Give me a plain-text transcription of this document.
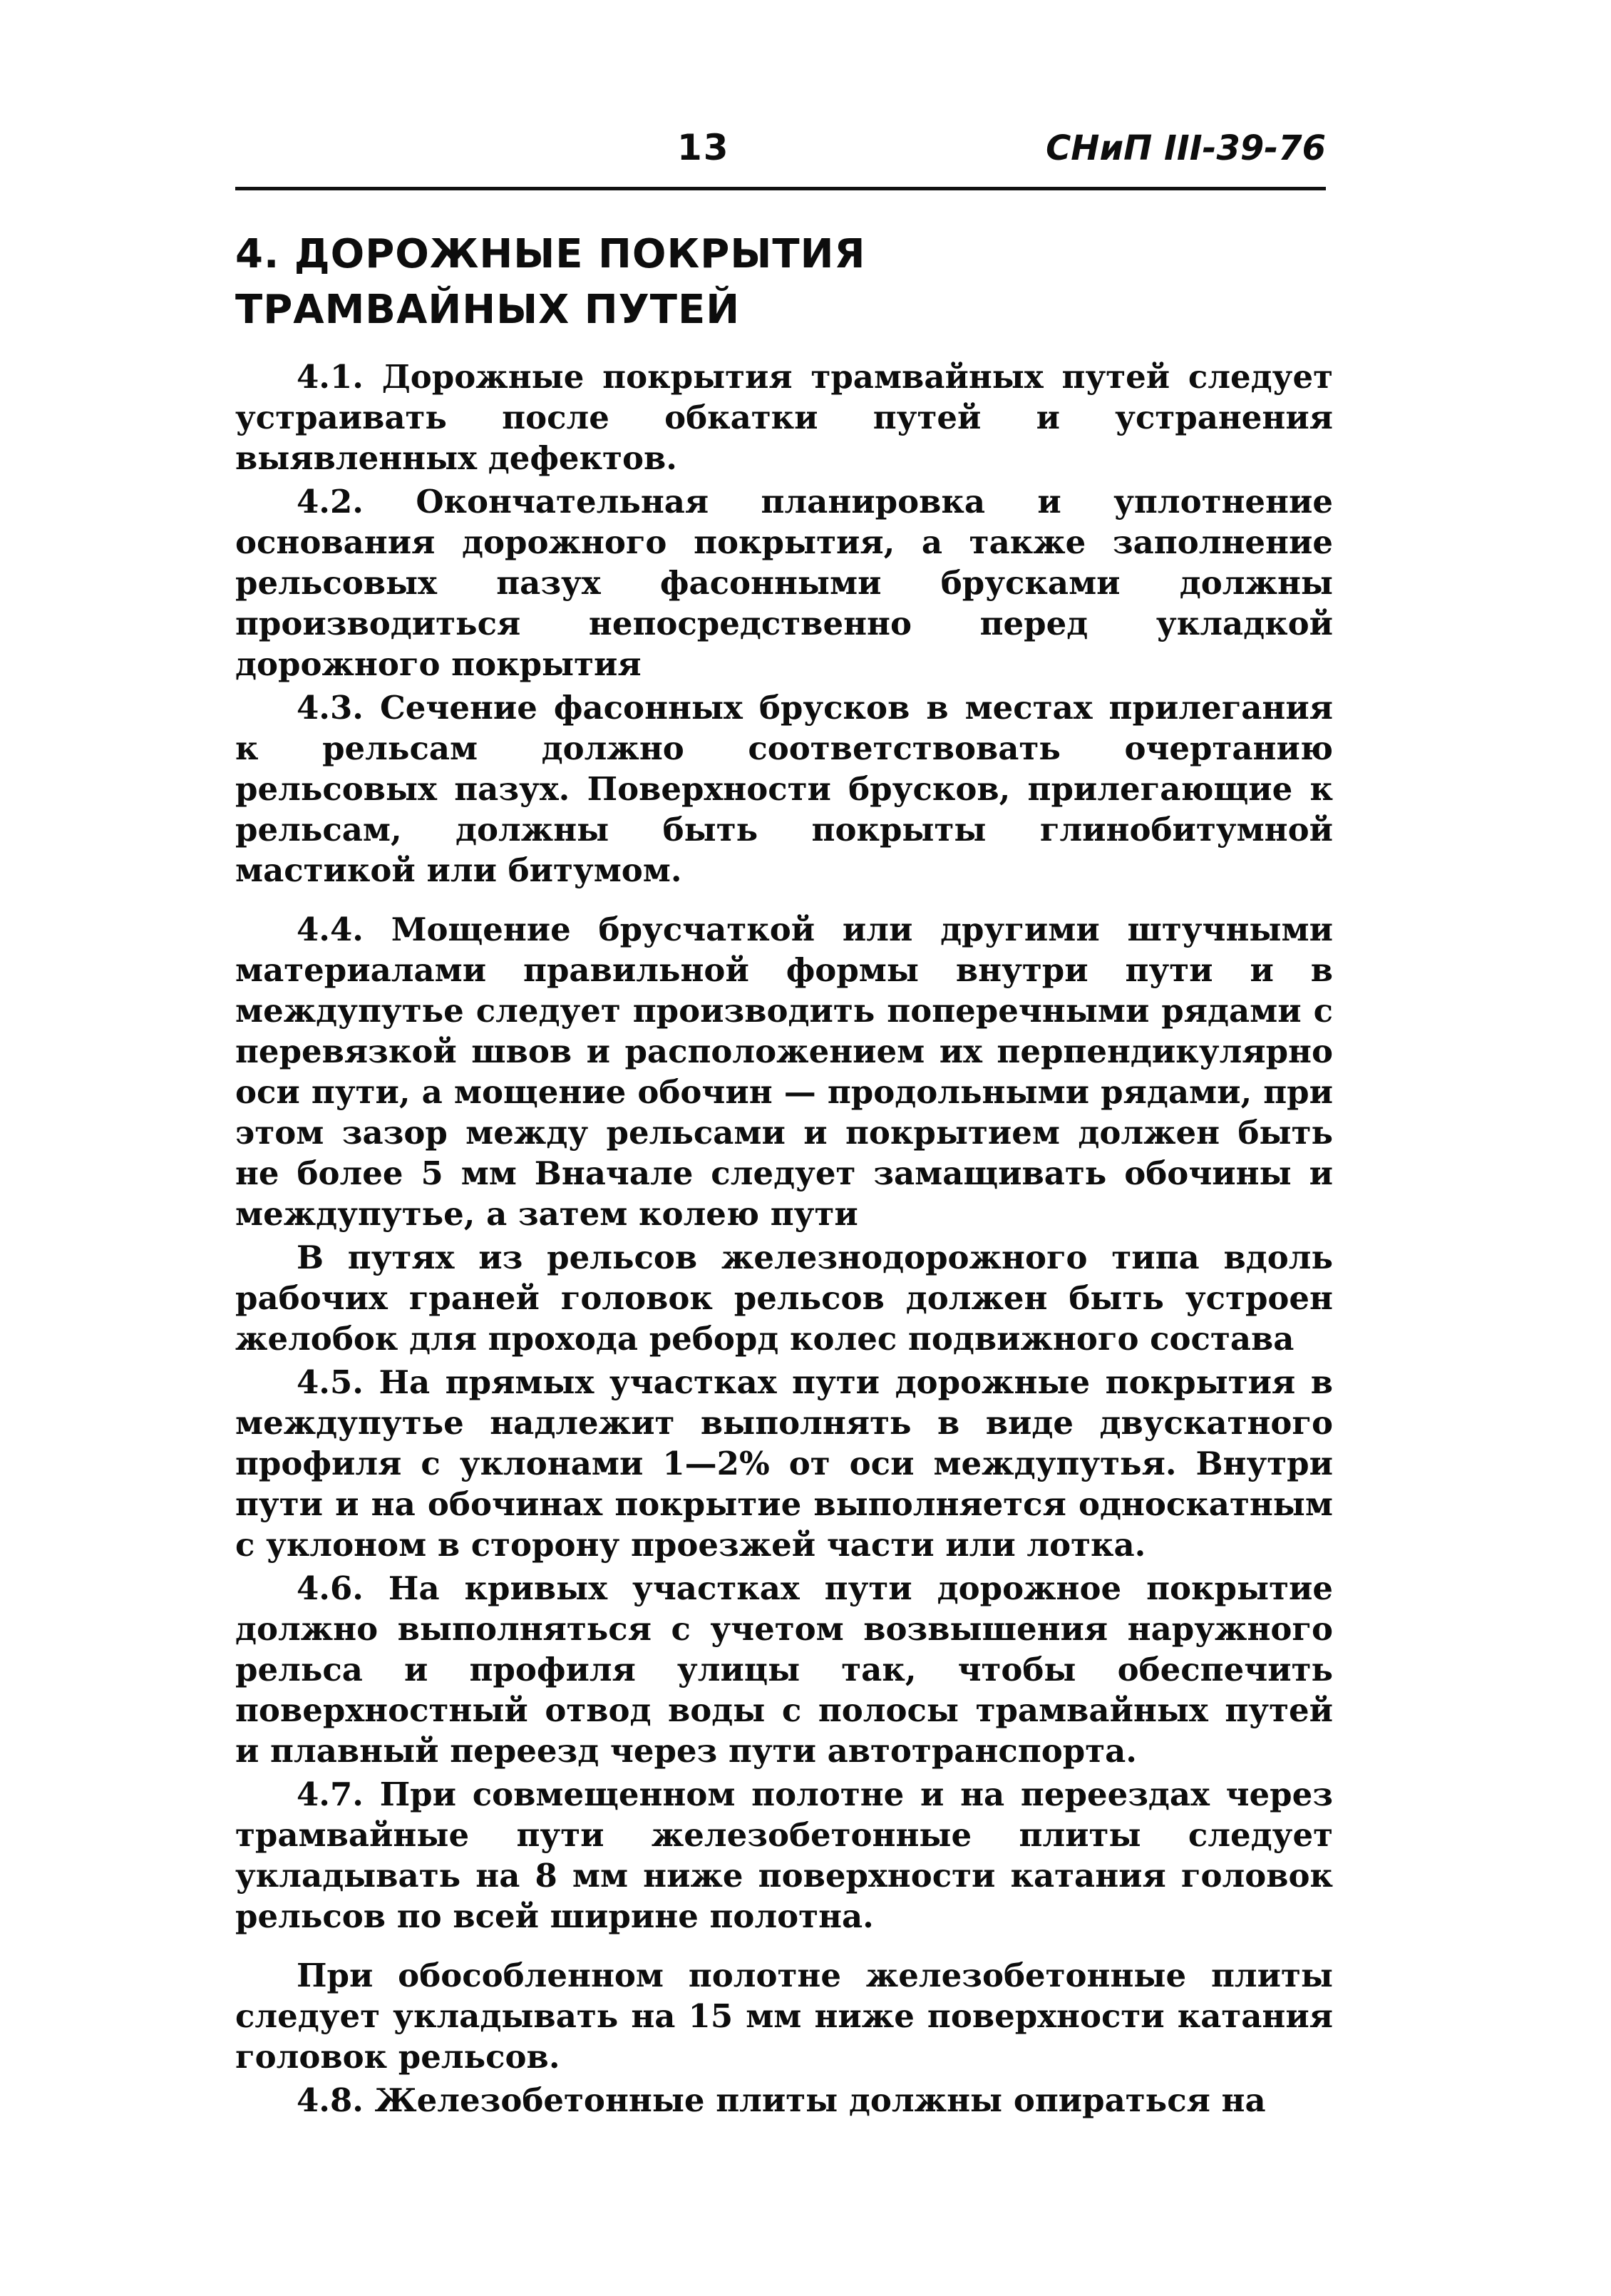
13	СНиП III-39-76
4. ДОРОЖНЫЕ ПОКРЫТИЯ
ТРАМВАЙНЫХ ПУТЕЙ

4.1. Дорожные покрытия трамвайных путей следует устраивать после обкатки путей и устранения выявленных дефектов.

4.2. Окончательная планировка и уплотнение основания дорожного покрытия, а также заполнение рельсовых пазух фасонными брусками должны производиться непосредственно перед укладкой дорожного покрытия

4.3. Сечение фасонных брусков в местах прилегания к рельсам должно соответствовать очертанию рельсовых пазух. Поверхности брусков, прилегающие к рельсам, должны быть покрыты глинобитумной мастикой или битумом.

4.4. Мощение брусчаткой или другими штучными материалами правильной формы внутри пути и в междупутье следует производить поперечными рядами с перевязкой швов и расположением их перпендикулярно оси пути, а мощение обочин — продольными рядами, при этом зазор между рельсами и покрытием должен быть не более 5 мм Вначале следует замащивать обочины и междупутье, а затем колею пути

В путях из рельсов железнодорожного типа вдоль рабочих граней головок рельсов должен быть устроен желобок для прохода реборд колес подвижного состава

4.5. На прямых участках пути дорожные покрытия в междупутье надлежит выполнять в виде двускатного профиля с уклонами 1—2% от оси междупутья. Внутри пути и на обочинах покрытие выполняется односкатным с уклоном в сторону проезжей части или лотка.

4.6. На кривых участках пути дорожное покрытие должно выполняться с учетом возвышения наружного рельса и профиля улицы так, чтобы обеспечить поверхностный отвод воды с полосы трамвайных путей и плавный переезд через пути автотранспорта.

4.7. При совмещенном полотне и на переездах через трамвайные пути железобетонные плиты следует укладывать на 8 мм ниже поверхности катания головок рельсов по всей ширине полотна.

При обособленном полотне железобетонные плиты следует укладывать на 15 мм ниже поверхности катания головок рельсов.

4.8. Железобетонные плиты должны опираться на
